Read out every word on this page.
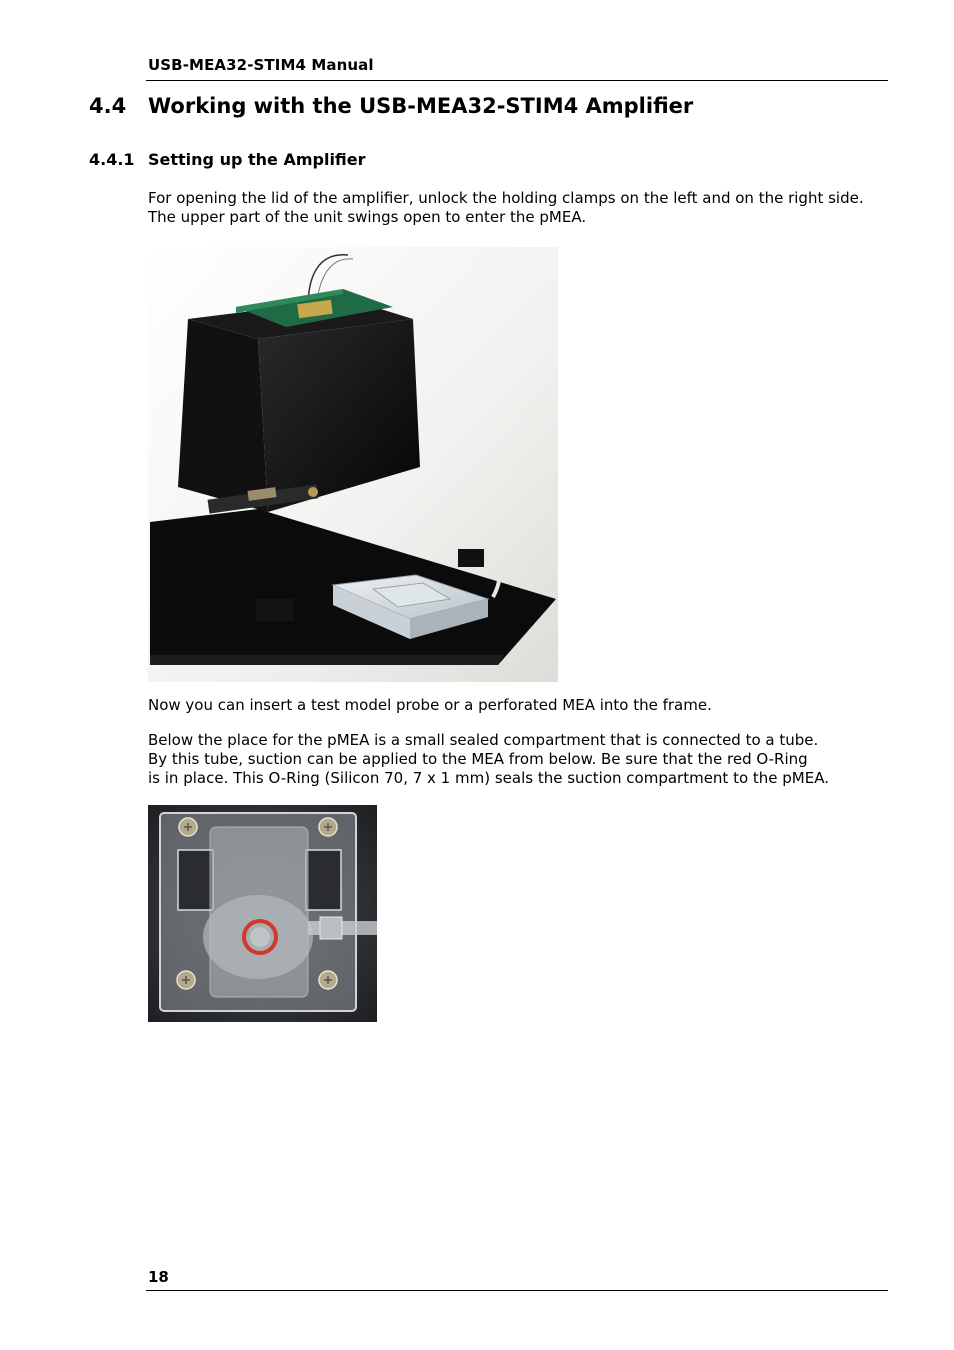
USB-MEA32-STIM4 Manual
4.4 Working with the USB-MEA32-STIM4 Amplifier
4.4.1 Setting up the Amplifier

For opening the lid of the amplifier, unlock the holding clamps on the left and on the right side. The upper part of the unit swings open to enter the pMEA.

Now you can insert a test model probe or a perforated MEA into the frame.

Below the place for the pMEA is a small sealed compartment that is connected to a tube.
By this tube, suction can be applied to the MEA from below. Be sure that the red O-Ring
is in place. This O-Ring (Silicon 70, 7 x 1 mm) seals the suction compartment to the pMEA.

18
